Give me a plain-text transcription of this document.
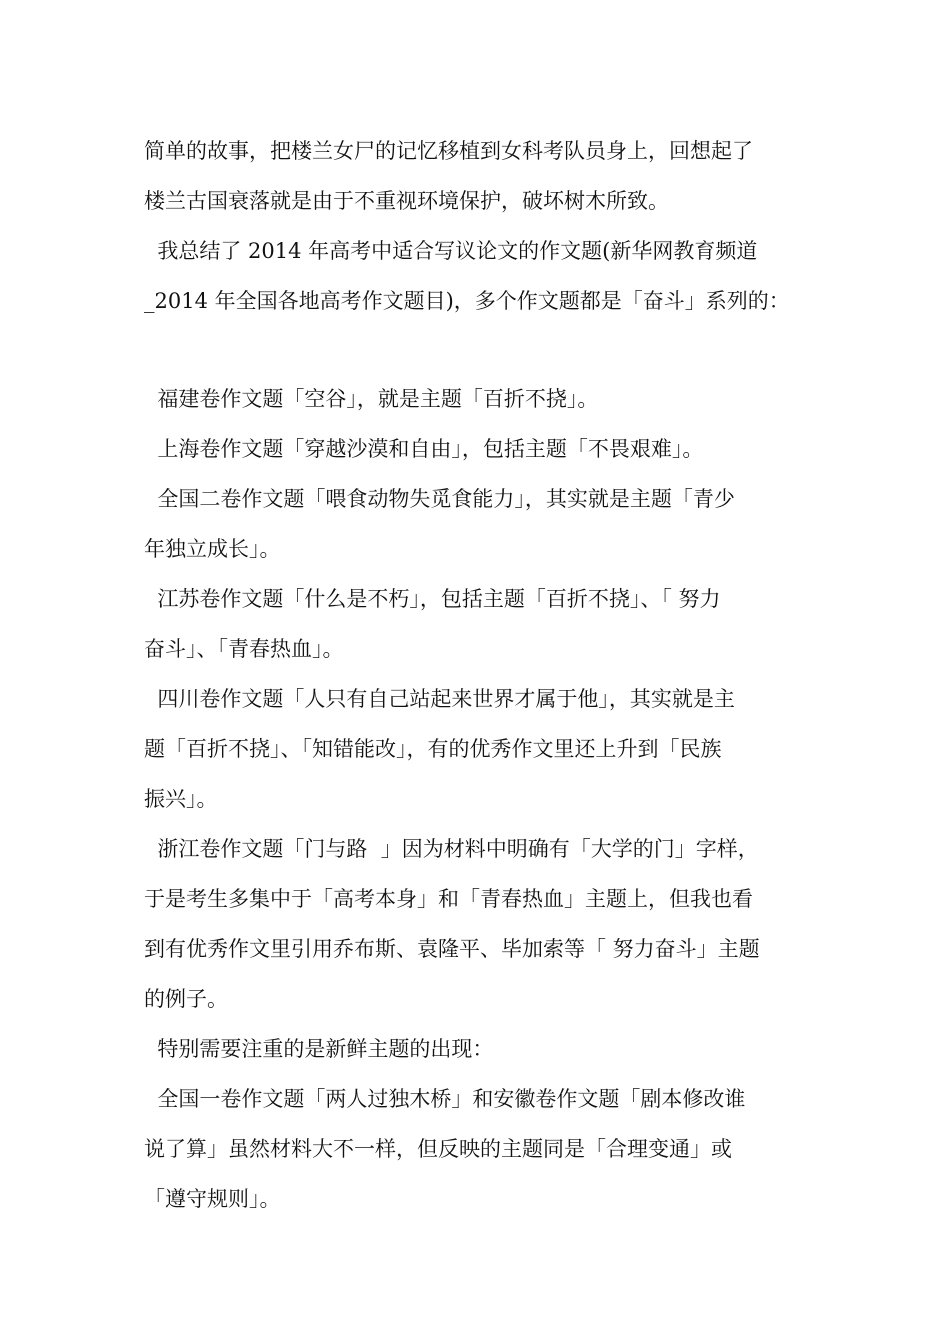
简单的故事，把楼兰女尸的记忆移植到女科考队员身上，回想起了
楼兰古国衰落就是由于不重视环境保护，破坏树木所致。
我总结了 2014 年高考中适合写议论文的作文题(新华网教育频道
_2014 年全国各地高考作文题目)，多个作文题都是「奋斗」系列的：
福建卷作文题「空谷」，就是主题「百折不挠」。
上海卷作文题「穿越沙漠和自由」，包括主题「不畏艰难」。
全国二卷作文题「喂食动物失觅食能力」，其实就是主题「青少
年独立成长」。
江苏卷作文题「什么是不朽」，包括主题「百折不挠」、「 努力
奋斗」、「青春热血」。
四川卷作文题「人只有自己站起来世界才属于他」，其实就是主
题「百折不挠」、「知错能改」，有的优秀作文里还上升到「民族
振兴」。
浙江卷作文题「门与路  」因为材料中明确有「大学的门」字样，
于是考生多集中于「高考本身」和「青春热血」主题上，但我也看
到有优秀作文里引用乔布斯、袁隆平、毕加索等「 努力奋斗」主题
的例子。
特别需要注重的是新鲜主题的出现：
全国一卷作文题「两人过独木桥」和安徽卷作文题「剧本修改谁
说了算」虽然材料大不一样，但反映的主题同是「合理变通」或
「遵守规则」。
